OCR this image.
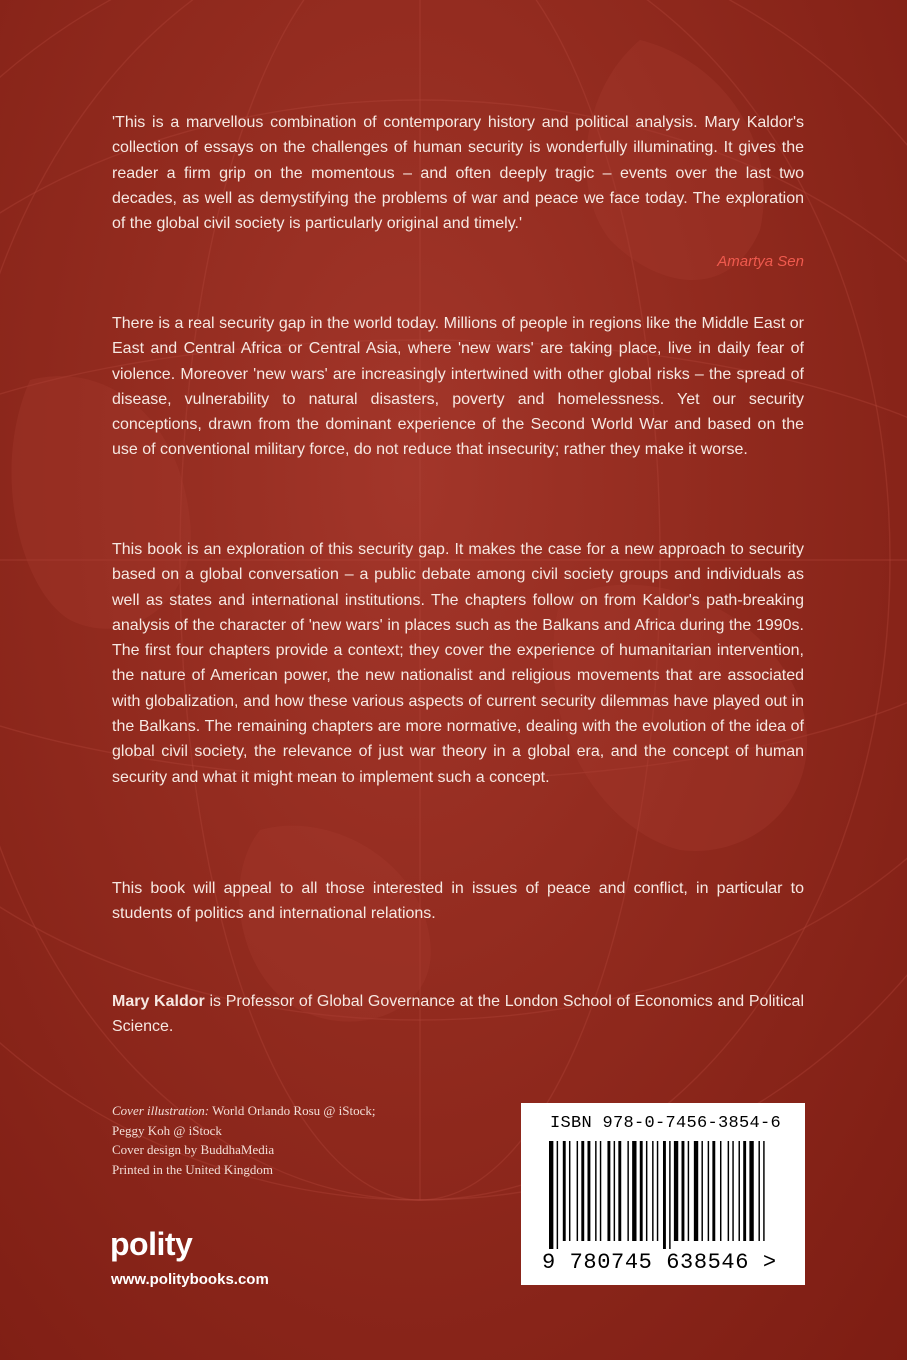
'This is a marvellous combination of contemporary history and political analysis. Mary Kaldor's collection of essays on the challenges of human security is wonderfully illuminating. It gives the reader a firm grip on the momentous – and often deeply tragic – events over the last two decades, as well as demystifying the problems of war and peace we face today. The exploration of the global civil society is particularly original and timely.'

Amartya Sen

There is a real security gap in the world today. Millions of people in regions like the Middle East or East and Central Africa or Central Asia, where 'new wars' are taking place, live in daily fear of violence. Moreover 'new wars' are increasingly intertwined with other global risks – the spread of disease, vulnerability to natural disasters, poverty and homelessness. Yet our security conceptions, drawn from the dominant experience of the Second World War and based on the use of conventional military force, do not reduce that insecurity; rather they make it worse.

This book is an exploration of this security gap. It makes the case for a new approach to security based on a global conversation – a public debate among civil society groups and individuals as well as states and international institutions. The chapters follow on from Kaldor's path-breaking analysis of the character of 'new wars' in places such as the Balkans and Africa during the 1990s. The first four chapters provide a context; they cover the experience of humanitarian intervention, the nature of American power, the new nationalist and religious movements that are associated with globalization, and how these various aspects of current security dilemmas have played out in the Balkans. The remaining chapters are more normative, dealing with the evolution of the idea of global civil society, the relevance of just war theory in a global era, and the concept of human security and what it might mean to implement such a concept.

This book will appeal to all those interested in issues of peace and conflict, in particular to students of politics and international relations.

Mary Kaldor is Professor of Global Governance at the London School of Economics and Political Science.

Cover illustration: World Orlando Rosu @ iStock;
Peggy Koh @ iStock
Cover design by BuddhaMedia
Printed in the United Kingdom
polity
www.politybooks.com
ISBN 978-0-7456-3854-6
9 780745 638546 >
